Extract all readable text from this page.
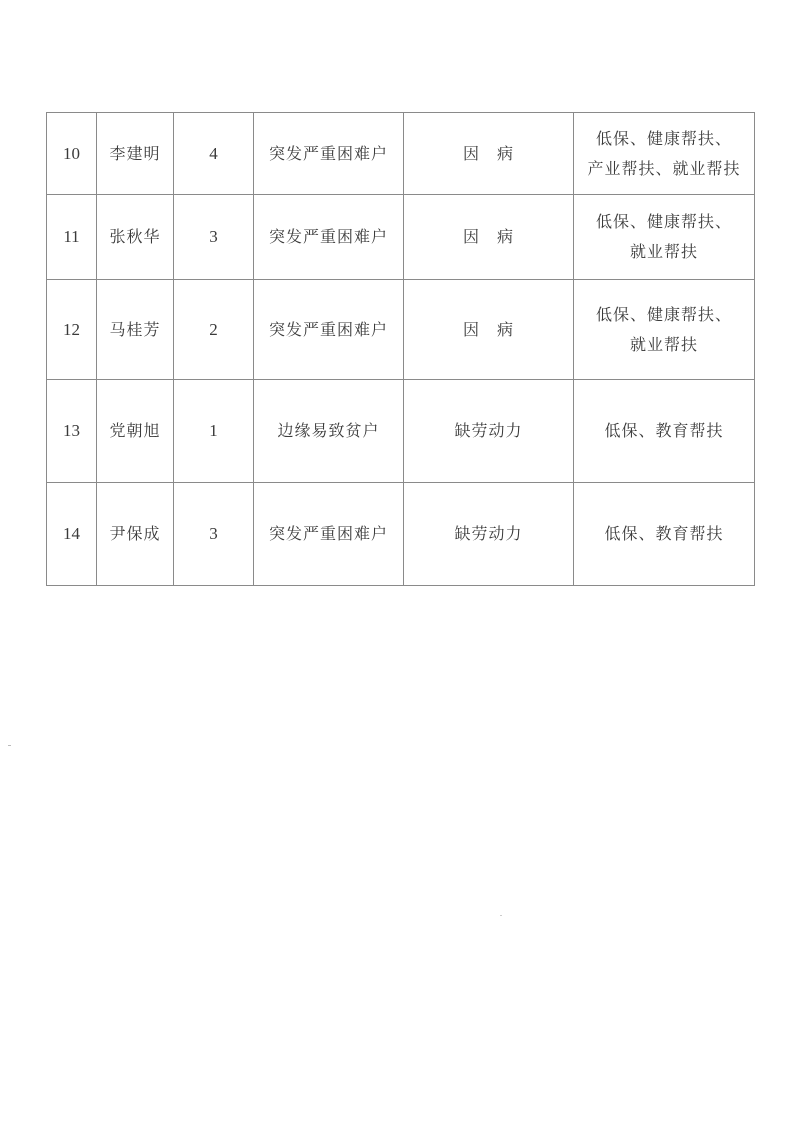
10	李建明	4	突发严重困难户	因　病	低保、健康帮扶、
产业帮扶、就业帮扶

11	张秋华	3	突发严重困难户	因　病	低保、健康帮扶、
就业帮扶

12	马桂芳	2	突发严重困难户	因　病	低保、健康帮扶、
就业帮扶

13	党朝旭	1	边缘易致贫户	缺劳动力	低保、教育帮扶
14	尹保成	3	突发严重困难户	缺劳动力	低保、教育帮扶
